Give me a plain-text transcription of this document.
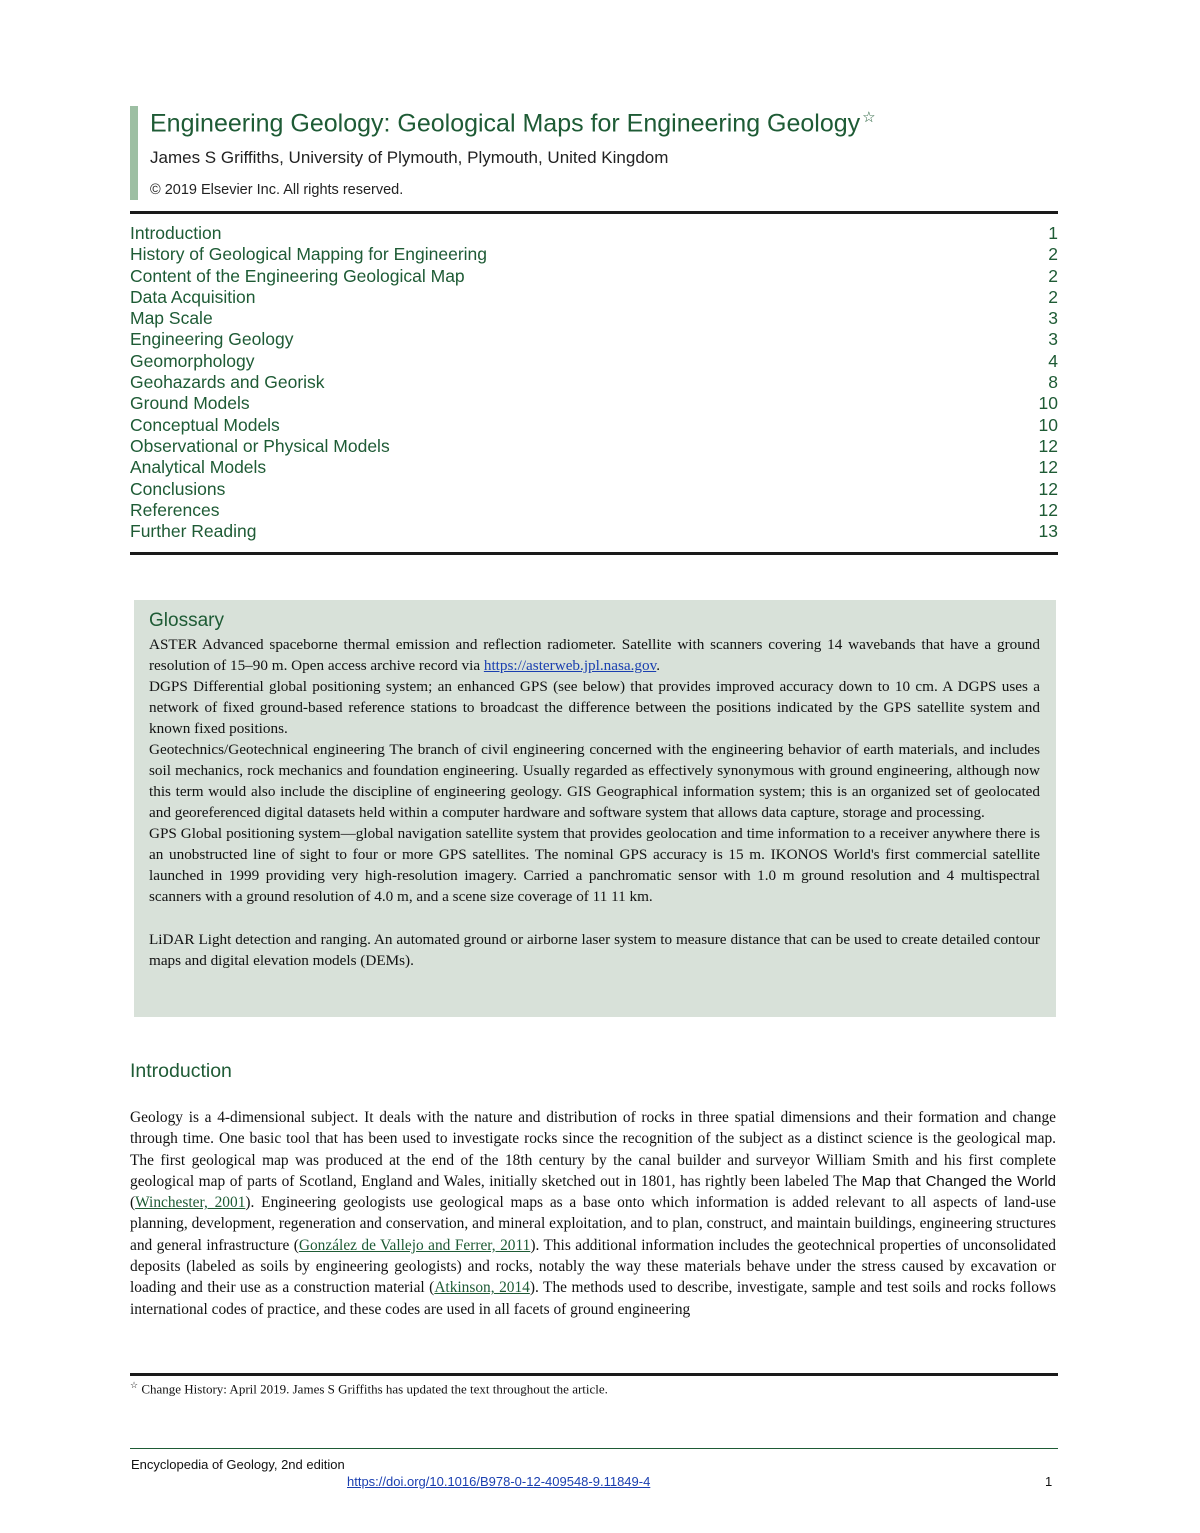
Engineering Geology: Geological Maps for Engineering Geology ☆
James S Griffiths, University of Plymouth, Plymouth, United Kingdom
© 2019 Elsevier Inc. All rights reserved.
Introduction	1
History of Geological Mapping for Engineering	2
Content of the Engineering Geological Map	2
Data Acquisition	2
Map Scale	3
Engineering Geology	3
Geomorphology	4
Geohazards and Georisk	8
Ground Models	10
Conceptual Models	10
Observational or Physical Models	12
Analytical Models	12
Conclusions	12
References	12
Further Reading	13
Glossary
ASTER Advanced spaceborne thermal emission and reflection radiometer. Satellite with scanners covering 14 wavebands that have a ground resolution of 15–90 m. Open access archive record via https://asterweb.jpl.nasa.gov.
DGPS Differential global positioning system; an enhanced GPS (see below) that provides improved accuracy down to 10 cm. A DGPS uses a network of fixed ground-based reference stations to broadcast the difference between the positions indicated by the GPS satellite system and known fixed positions.
Geotechnics/Geotechnical engineering The branch of civil engineering concerned with the engineering behavior of earth materials, and includes soil mechanics, rock mechanics and foundation engineering. Usually regarded as effectively synonymous with ground engineering, although now this term would also include the discipline of engineering geology. GIS Geographical information system; this is an organized set of geolocated and georeferenced digital datasets held within a computer hardware and software system that allows data capture, storage and processing.
GPS Global positioning system—global navigation satellite system that provides geolocation and time information to a receiver anywhere there is an unobstructed line of sight to four or more GPS satellites. The nominal GPS accuracy is 15 m. IKONOS World's first commercial satellite launched in 1999 providing very high-resolution imagery. Carried a panchromatic sensor with 1.0 m ground resolution and 4 multispectral scanners with a ground resolution of 4.0 m, and a scene size coverage of 11 11 km.
LiDAR Light detection and ranging. An automated ground or airborne laser system to measure distance that can be used to create detailed contour maps and digital elevation models (DEMs).
Introduction
Geology is a 4-dimensional subject. It deals with the nature and distribution of rocks in three spatial dimensions and their formation and change through time. One basic tool that has been used to investigate rocks since the recognition of the subject as a distinct science is the geological map. The first geological map was produced at the end of the 18th century by the canal builder and surveyor William Smith and his first complete geological map of parts of Scotland, England and Wales, initially sketched out in 1801, has rightly been labeled The Map that Changed the World (Winchester, 2001). Engineering geologists use geological maps as a base onto which information is added relevant to all aspects of land-use planning, development, regeneration and conservation, and mineral exploitation, and to plan, construct, and maintain buildings, engineering structures and general infrastructure (González de Vallejo and Ferrer, 2011). This additional information includes the geotechnical properties of unconsolidated deposits (labeled as soils by engineering geologists) and rocks, notably the way these materials behave under the stress caused by excavation or loading and their use as a construction material (Atkinson, 2014). The methods used to describe, investigate, sample and test soils and rocks follows international codes of practice, and these codes are used in all facets of ground engineering
☆ Change History: April 2019. James S Griffiths has updated the text throughout the article.
Encyclopedia of Geology, 2nd edition
https://doi.org/10.1016/B978-0-12-409548-9.11849-4	1
